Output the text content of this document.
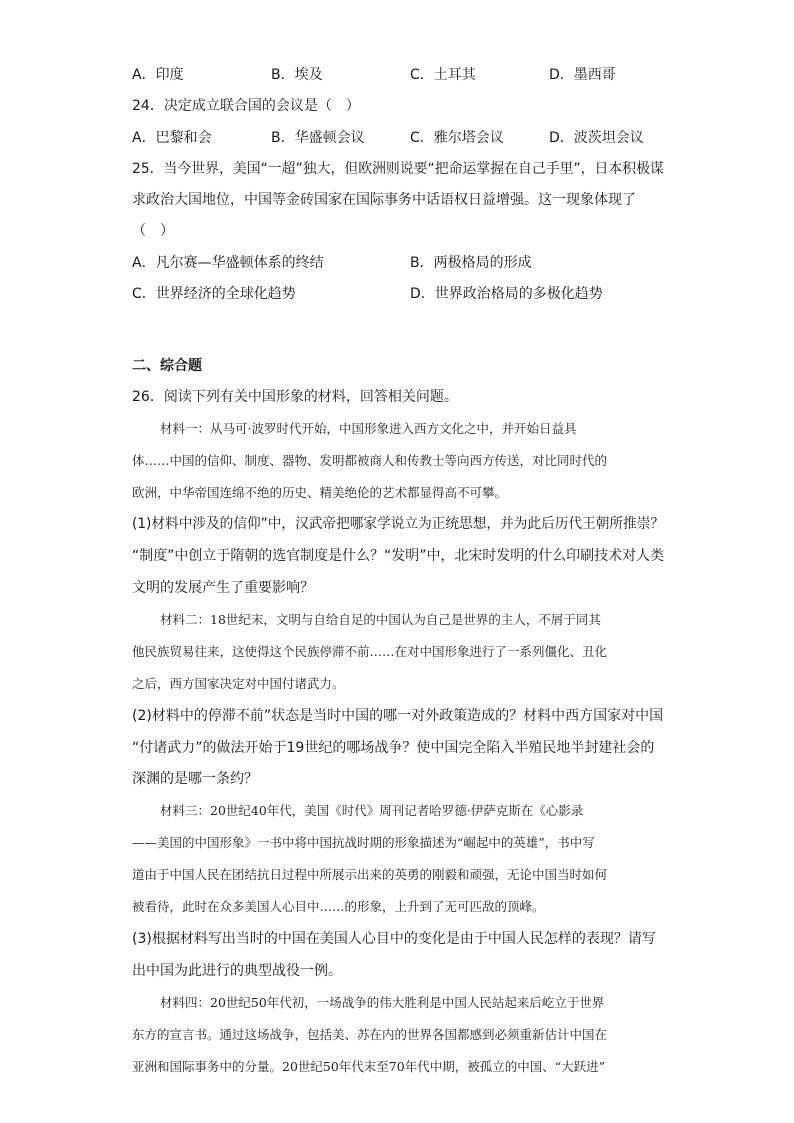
A．印度	B．埃及	C．土耳其	D．墨西哥
24．决定成立联合国的会议是（　）
A．巴黎和会	B．华盛顿会议	C．雅尔塔会议	D．波茨坦会议
25．当今世界，美国“一超”独大，但欧洲则说要“把命运掌握在自己手里”，日本积极谋
求政治大国地位，中国等金砖国家在国际事务中话语权日益增强。这一现象体现了
（　）
A．凡尔赛—华盛顿体系的终结	B．两极格局的形成
C．世界经济的全球化趋势	D．世界政治格局的多极化趋势
二、综合题
26．阅读下列有关中国形象的材料，回答相关问题。
材料一：从马可·波罗时代开始，中国形象进入西方文化之中，并开始日益具
体……中国的信仰、制度、器物、发明都被商人和传教士等向西方传送，对比同时代的
欧洲，中华帝国连绵不绝的历史、精美绝伦的艺术都显得高不可攀。
(1)材料中涉及的信仰”中，汉武帝把哪家学说立为正统思想，并为此后历代王朝所推崇？
“制度”中创立于隋朝的选官制度是什么？“发明”中，北宋时发明的什么印刷技术对人类
文明的发展产生了重要影响？
材料二：18世纪末，文明与自给自足的中国认为自己是世界的主人，不屑于同其
他民族贸易往来，这使得这个民族停滞不前……在对中国形象进行了一系列僵化、丑化
之后，西方国家决定对中国付诸武力。
(2)材料中的停滞不前”状态是当时中国的哪一对外政策造成的？材料中西方国家对中国
“付诸武力”的做法开始于19世纪的哪场战争？使中国完全陷入半殖民地半封建社会的
深渊的是哪一条约？
材料三：20世纪40年代，美国《时代》周刊记者哈罗德·伊萨克斯在《心影录
——美国的中国形象》一书中将中国抗战时期的形象描述为“崛起中的英雄”，书中写
道由于中国人民在团结抗日过程中所展示出来的英勇的刚毅和顽强，无论中国当时如何
被看待，此时在众多美国人心目中……的形象，上升到了无可匹敌的顶峰。
(3)根据材料写出当时的中国在美国人心目中的变化是由于中国人民怎样的表现？请写
出中国为此进行的典型战役一例。
材料四：20世纪50年代初，一场战争的伟大胜利是中国人民站起来后屹立于世界
东方的宣言书。通过这场战争，包括美、苏在内的世界各国都感到必须重新估计中国在
亚洲和国际事务中的分量。20世纪50年代末至70年代中期，被孤立的中国、“大跃进”
